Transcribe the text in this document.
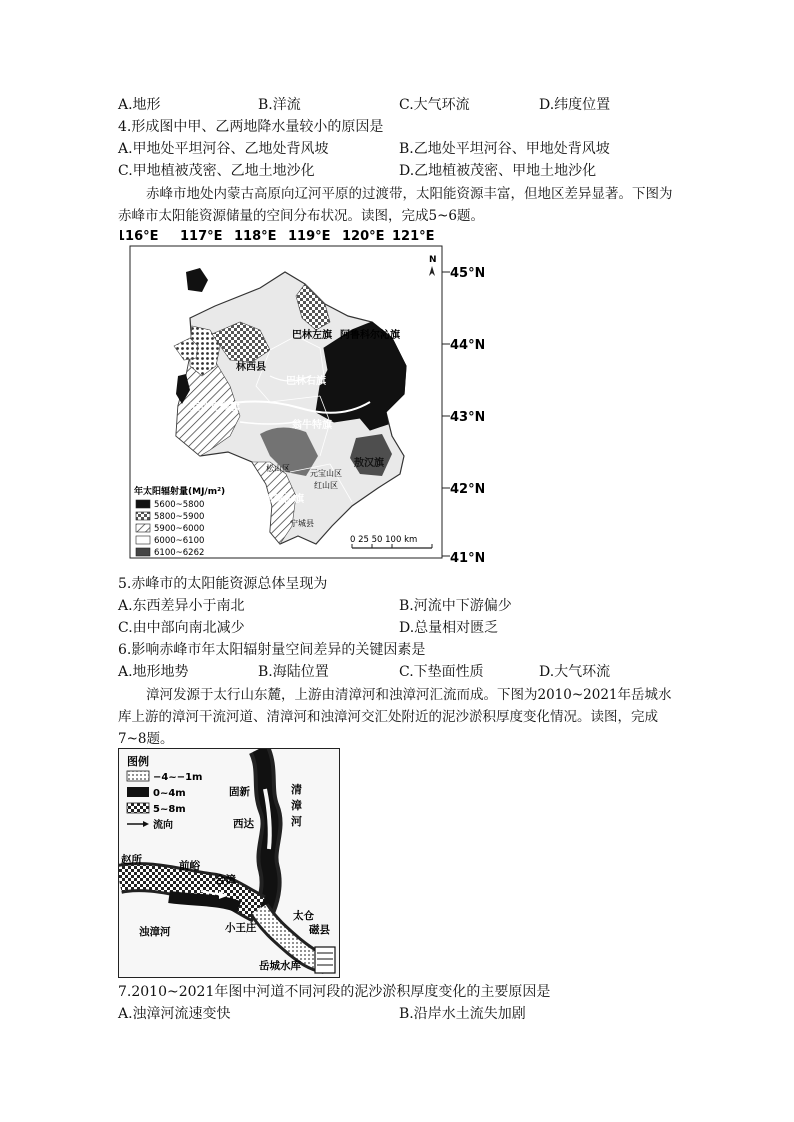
A.地形	B.洋流	C.大气环流	D.纬度位置
4.形成图中甲、乙两地降水量较小的原因是
A.甲地处平坦河谷、乙地处背风坡	B.乙地处平坦河谷、甲地处背风坡
C.甲地植被茂密、乙地土地沙化	D.乙地植被茂密、甲地土地沙化
赤峰市地处内蒙古高原向辽河平原的过渡带，太阳能资源丰富，但地区差异显著。下图为赤峰市太阳能资源储量的空间分布状况。读图，完成5~6题。
116°E 117°E 118°E 119°E 120°E 121°E
45°N
44°N
43°N
42°N
41°N
N
巴林左旗 阿鲁科尔沁旗
林西县
巴林右旗
克什克腾旗
翁牛特旗
松山区
元宝山区
红山区
敖汉旗
喀喇沁旗
宁城县
年太阳辐射量(MJ/m²)
5600~5800
5800~5900
5900~6000
6000~6100
6100~6262
0 25 50 100 km
5.赤峰市的太阳能资源总体呈现为
A.东西差异小于南北	B.河流中下游偏少
C.由中部向南北减少	D.总量相对匮乏
6.影响赤峰市年太阳辐射量空间差异的关键因素是
A.地形地势	B.海陆位置	C.下垫面性质	D.大气环流
漳河发源于太行山东麓，上游由清漳河和浊漳河汇流而成。下图为2010~2021年岳城水库上游的漳河干流河道、清漳河和浊漳河交汇处附近的泥沙淤积厚度变化情况。读图，完成7~8题。
图例
−4~−1m
0~4m
5~8m
流向
固新	清
漳
河
西达
赵所	前峪
合漳
浊漳河	小王庄
太仓
磁县
岳城水库
7.2010~2021年图中河道不同河段的泥沙淤积厚度变化的主要原因是
A.浊漳河流速变快	B.沿岸水土流失加剧
